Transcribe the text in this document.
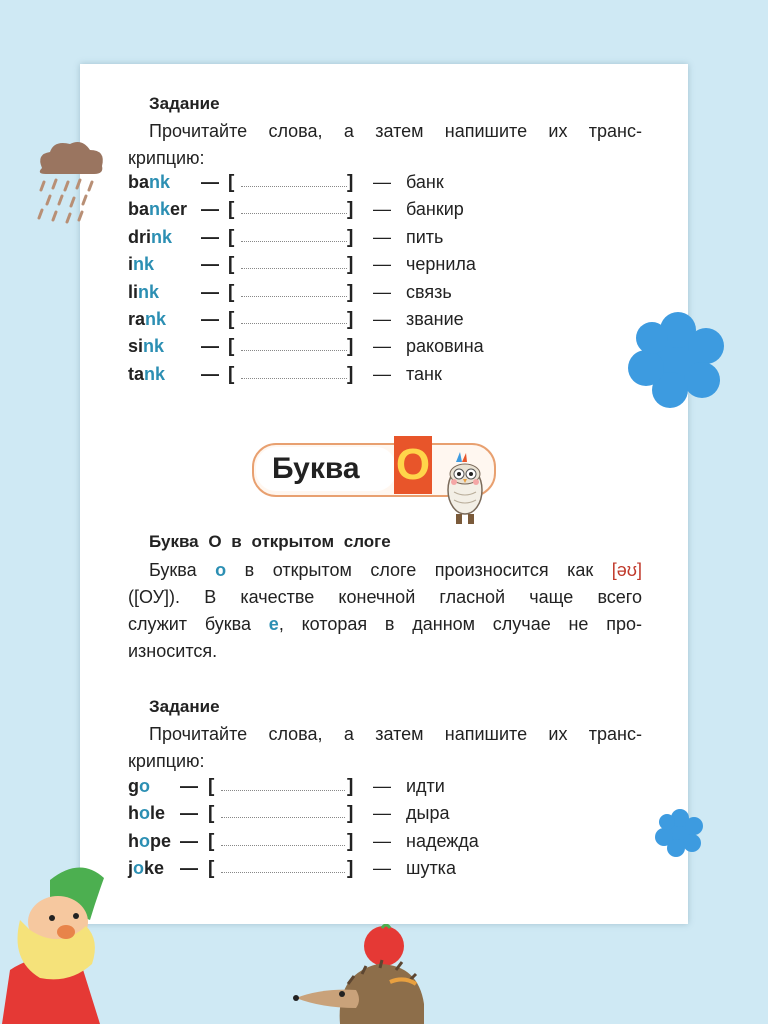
Задание
Прочитайте слова, а затем напишите их транс-
крипцию:
bank — [	] — банк
banker — [	] — банкир
drink — [	] — пить
ink	— [	] — чернила
link — [	] — связь
rank — [	] — звание
sink — [	] — раковина
tank — [	] — танк
Буква O
Буква O в открытом слоге
Буква o в открытом слоге произносится как [əʊ]
([ОУ]). В качестве конечной гласной чаще всего
служит буква e, которая в данном случае не про-
износится.
Задание
Прочитайте слова, а затем напишите их транс-
крипцию:
go — [	] — идти
hole — [	] — дыра
hope — [	] — надежда
joke — [	] — шутка
